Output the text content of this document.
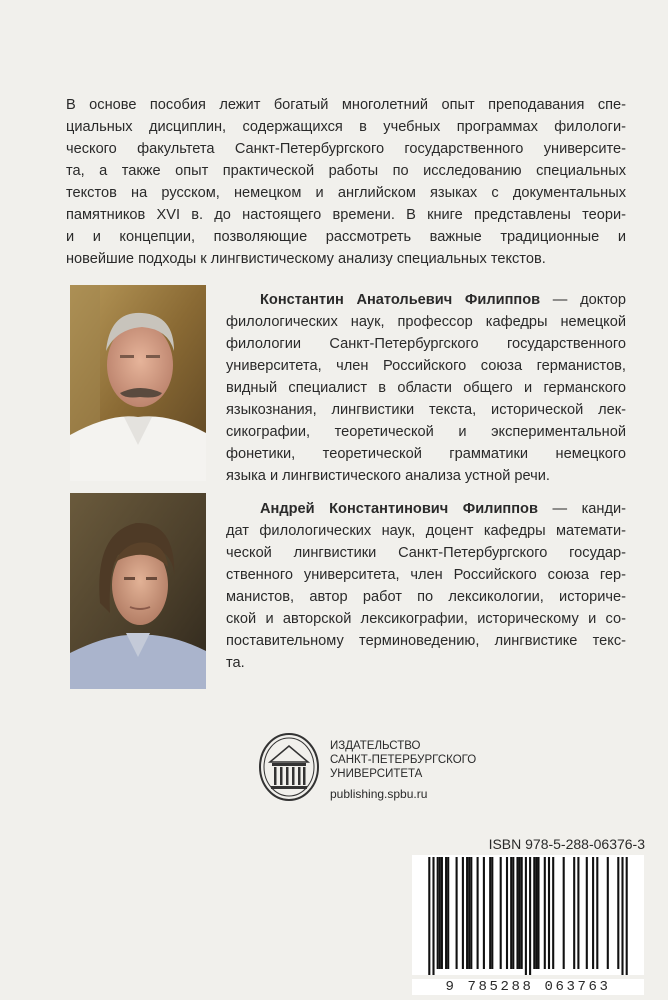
В основе пособия лежит богатый многолетний опыт преподавания спе-
циальных дисциплин, содержащихся в учебных программах филологи-
ческого факультета Санкт-Петербургского государственного университе-
та, а также опыт практической работы по исследованию специальных
текстов на русском, немецком и английском языках с документальных
памятников XVI в. до настоящего времени. В книге представлены теори-
и и концепции, позволяющие рассмотреть важные традиционные и
новейшие подходы к лингвистическому анализу специальных текстов.
Константин Анатольевич Филиппов — доктор
филологических наук, профессор кафедры немецкой
филологии Санкт-Петербургского государственного
университета, член Российского союза германистов,
видный специалист в области общего и германского
языкознания, лингвистики текста, исторической лек-
сикографии, теоретической и экспериментальной
фонетики, теоретической грамматики немецкого
языка и лингвистического анализа устной речи.
Андрей Константинович Филиппов — канди-
дат филологических наук, доцент кафедры математи-
ческой лингвистики Санкт-Петербургского государ-
ственного университета, член Российского союза гер-
манистов, автор работ по лексикологии, историче-
ской и авторской лексикографии, историческому и со-
поставительному терминоведению, лингвистике текс-
та.
ИЗДАТЕЛЬСТВО
САНКТ-ПЕТЕРБУРГСКОГО
УНИВЕРСИТЕТА
publishing.spbu.ru
ISBN 978-5-288-06376-3
9 785288 063763
